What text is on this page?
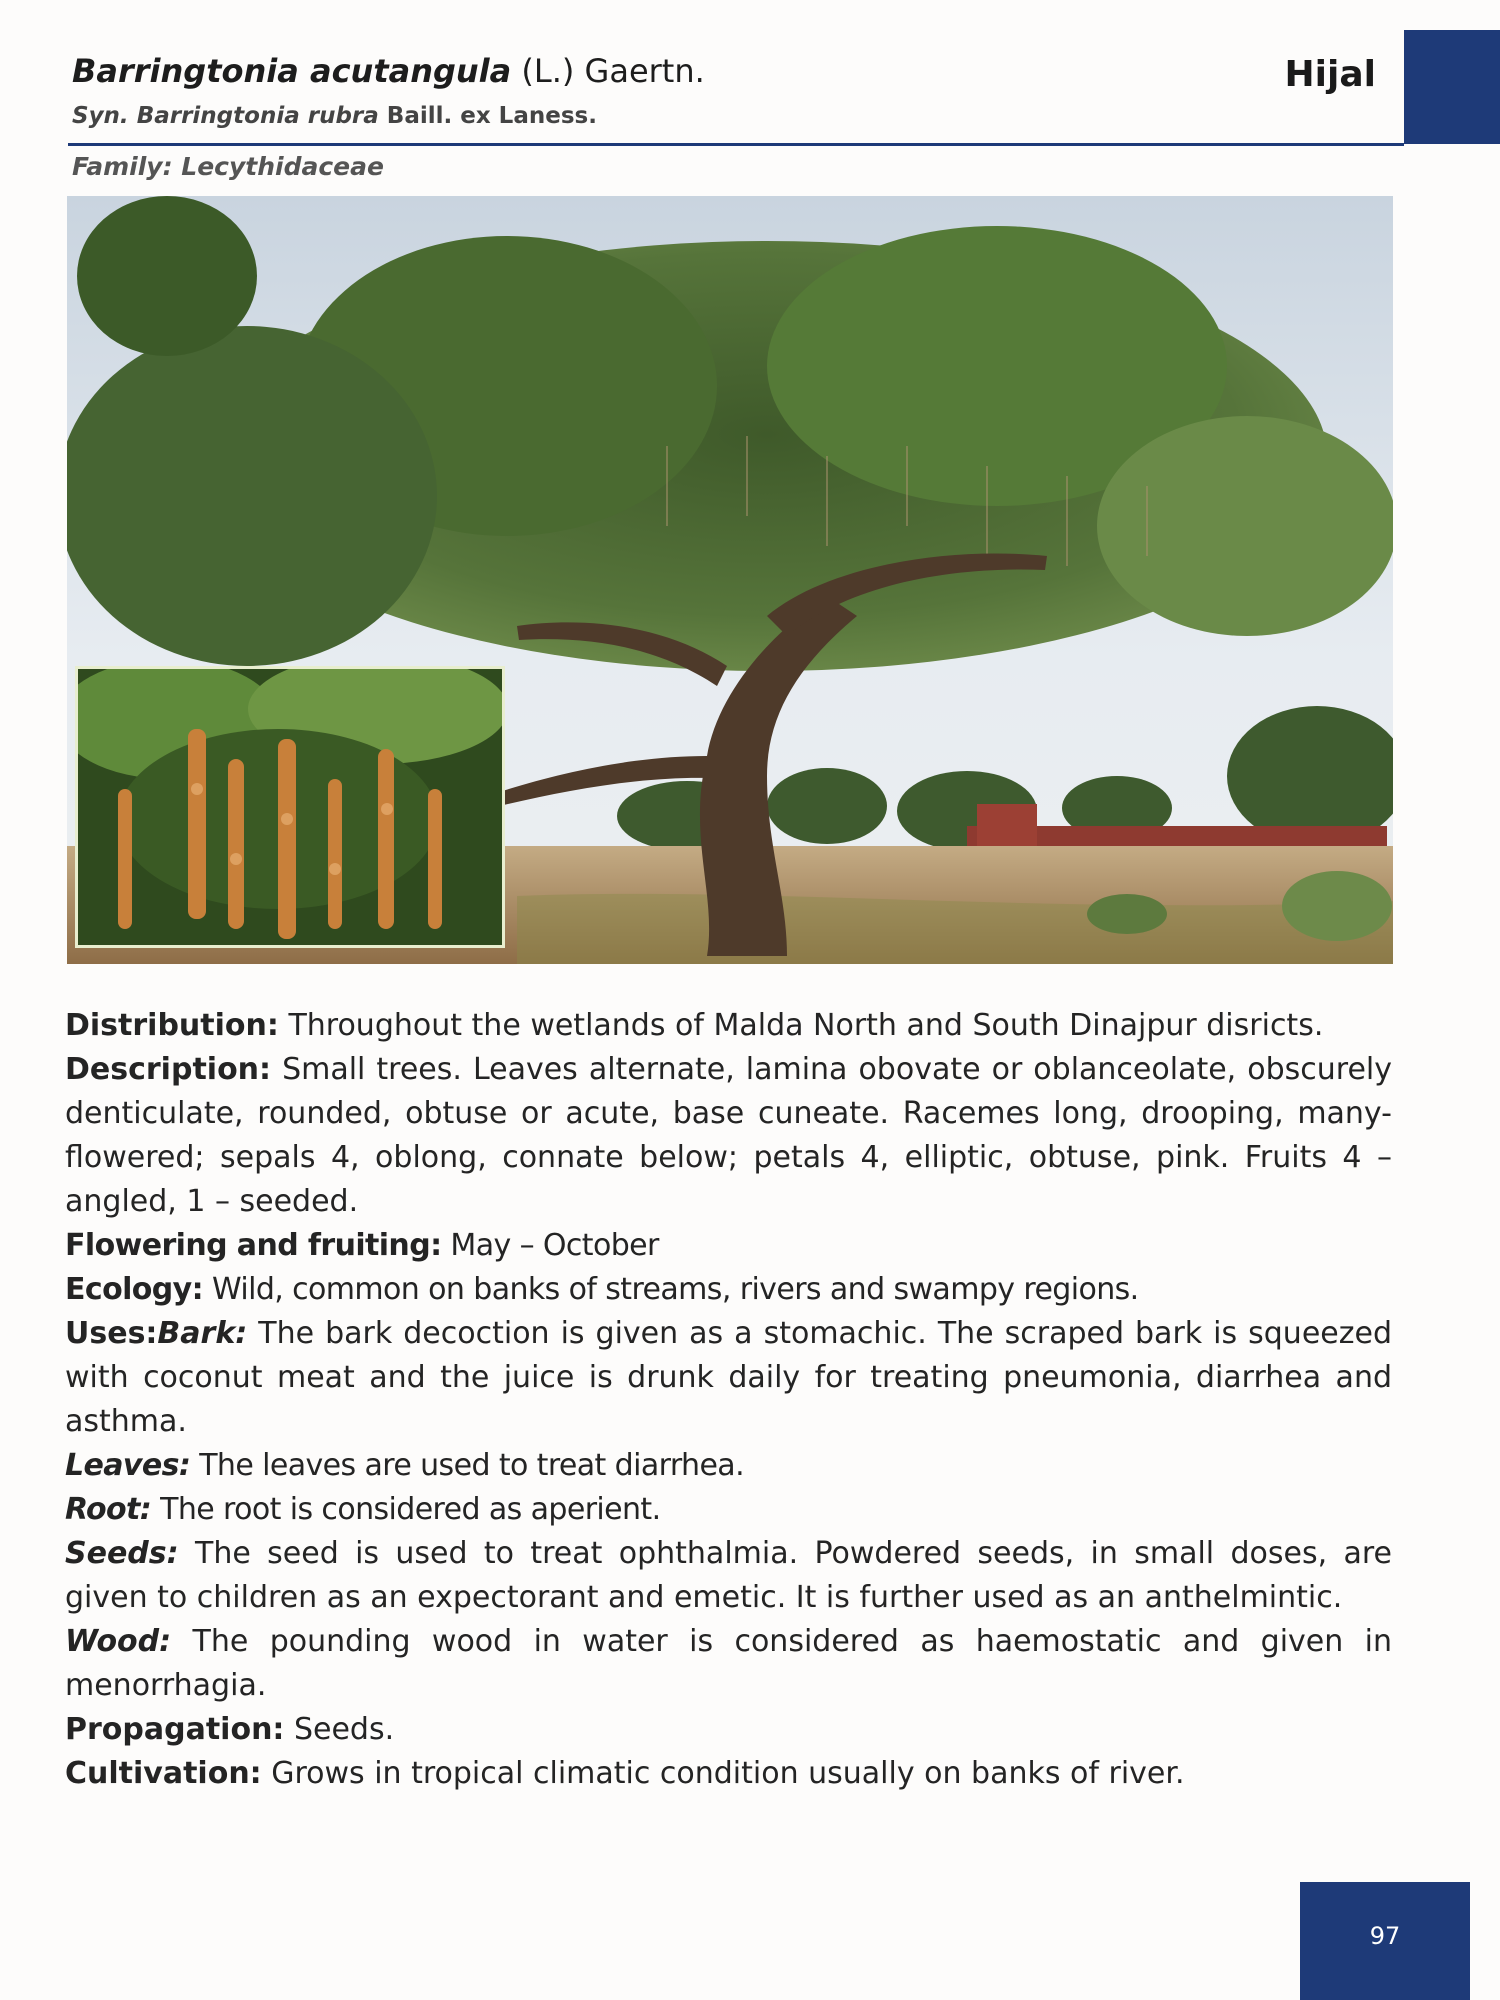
Barringtonia acutangula (L.) Gaertn.
Syn. Barringtonia rubra Baill. ex Laness.
Hijal
Family: Lecythidaceae

Distribution: Throughout the wetlands of Malda North and South Dinajpur disricts.

Description: Small trees. Leaves alternate, lamina obovate or oblanceolate, obscurely denticulate, rounded, obtuse or acute, base cuneate. Racemes long, drooping, many-flowered; sepals 4, oblong, connate below; petals 4, elliptic, obtuse, pink. Fruits 4 – angled, 1 – seeded.

Flowering and fruiting: May – October

Ecology: Wild, common on banks of streams, rivers and swampy regions.

Uses:Bark: The bark decoction is given as a stomachic. The scraped bark is squeezed with coconut meat and the juice is drunk daily for treating pneumonia, diarrhea and asthma.

Leaves: The leaves are used to treat diarrhea.

Root: The root is considered as aperient.

Seeds: The seed is used to treat ophthalmia. Powdered seeds, in small doses, are given to children as an expectorant and emetic. It is further used as an anthelmintic.

Wood: The pounding wood in water is considered as haemostatic and given in menorrhagia.

Propagation: Seeds.

Cultivation: Grows in tropical climatic condition usually on banks of river.

97
